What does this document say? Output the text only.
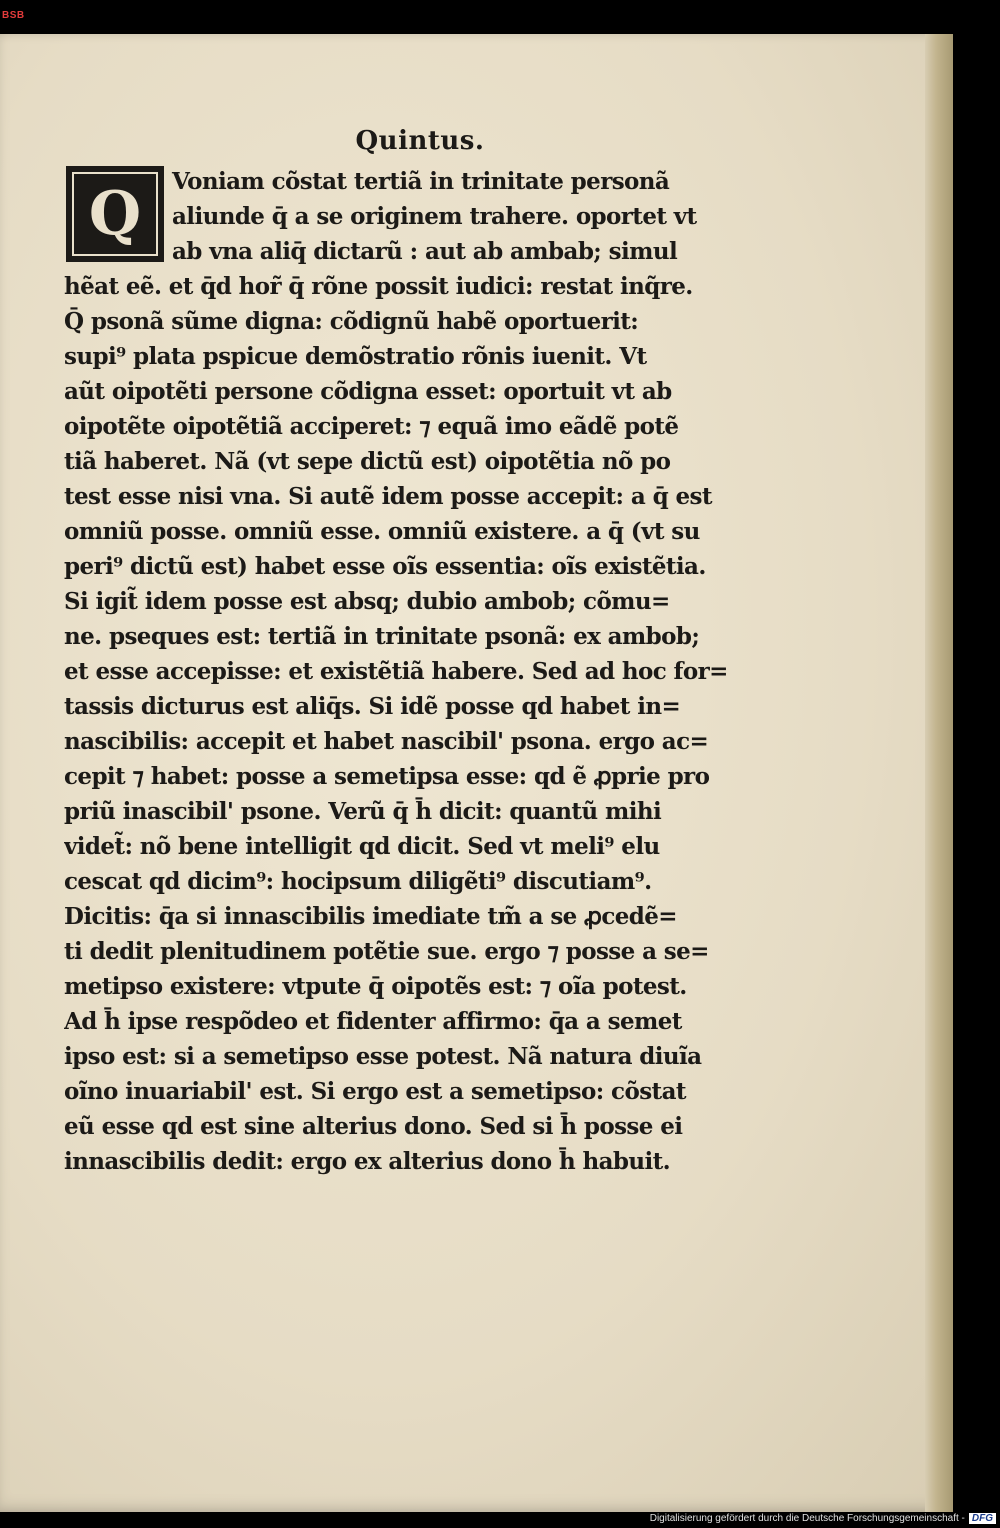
BSB
Quintus.
Q	Voniam cõstat tertiã in trinitate personã
aliunde q̄ a se originem trahere. oportet vt
ab vna aliq̄ dictarũ : aut ab ambab; simul
hẽat eẽ. et q̄d hor̃ q̄ rõne possit iudici: restat inq̃re.
Q̄ psonã sũme digna: cõdignũ habẽ oportuerit:
supi⁹ plata pspicue demõstratio rõnis iuenit. Vt
aũt oipotẽti persone cõdigna esset: oportuit vt ab
oipotẽte oipotẽtiã acciperet: ⁊ equã imo eãdẽ potẽ
tiã haberet. Nã (vt sepe dictũ est) oipotẽtia nõ po
test esse nisi vna. Si autẽ idem posse accepit: a q̄ est
omniũ posse. omniũ esse. omniũ existere. a q̄ (vt su
peri⁹ dictũ est) habet esse oĩs essentia: oĩs existẽtia.
Si igit̃ idem posse est absq; dubio ambob; cõmu=
ne. pseques est: tertiã in trinitate psonã: ex ambob;
et esse accepisse: et existẽtiã habere. Sed ad hoc for=
tassis dicturus est aliq̄s. Si idẽ posse qd habet in=
nascibilis: accepit et habet nascibil' psona. ergo ac=
cepit ⁊ habet: posse a semetipsa esse: qd ẽ ꝓprie pro
priũ inascibil' psone. Verũ q̄ h̄ dicit: quantũ mihi
videt̃: nõ bene intelligit qd dicit. Sed vt meli⁹ elu
cescat qd dicim⁹: hocipsum diligẽti⁹ discutiam⁹.
Dicitis: q̄a si innascibilis imediate tm̃ a se ꝓcedẽ=
ti dedit plenitudinem potẽtie sue. ergo ⁊ posse a se=
metipso existere: vtpute q̄ oipotẽs est: ⁊ oĩa potest.
Ad h̄ ipse respõdeo et fidenter affirmo: q̄a a semet
ipso est: si a semetipso esse potest. Nã natura diuĩa
oĩno inuariabil' est. Si ergo est a semetipso: cõstat
eũ esse qd est sine alterius dono. Sed si h̄ posse ei
innascibilis dedit: ergo ex alterius dono h̄ habuit.
Digitalisierung gefördert durch die Deutsche Forschungsgemeinschaft - DFG
